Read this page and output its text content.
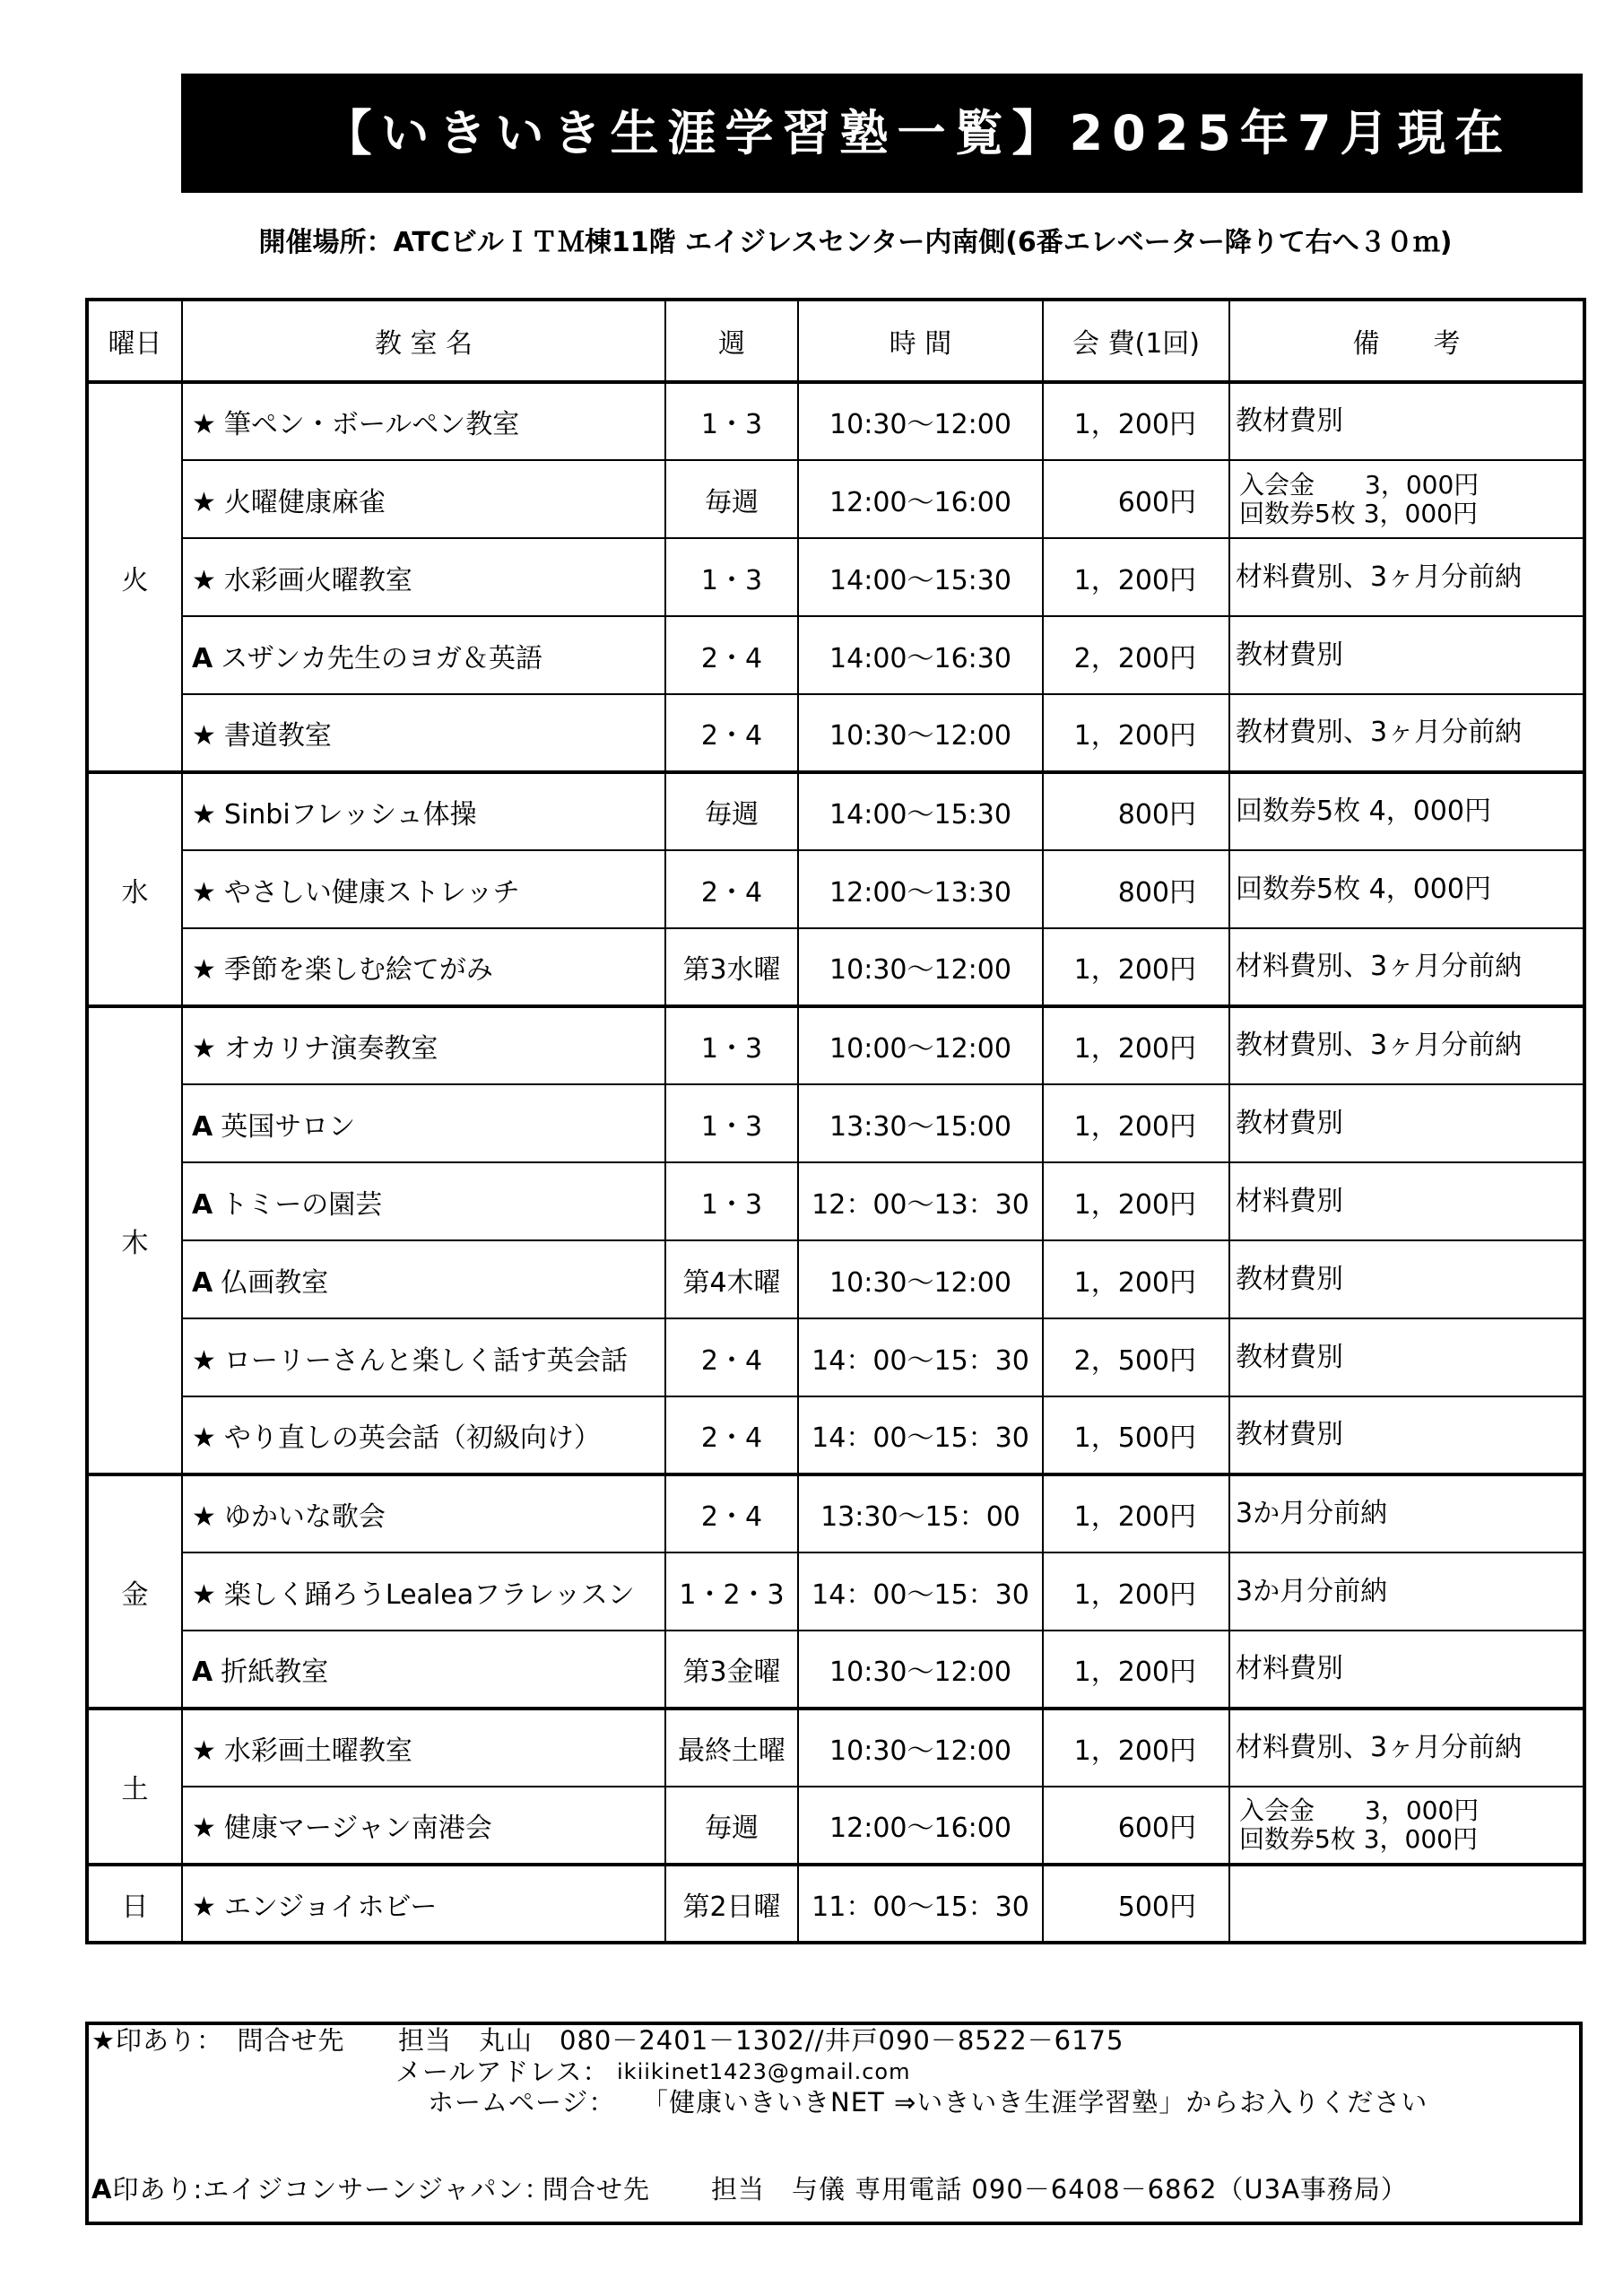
【いきいき生涯学習塾一覧】2025年7月現在
開催場所：ATCビルＩＴＭ棟11階 エイジレスセンター内南側(6番エレベーター降りて右へ３０ｍ)
曜日	教 室 名	週	時 間	会 費(1回)	備　　考
火	★ 筆ペン・ボールペン教室	1・3	10:30～12:00	1，200円	教材費別

	★ 火曜健康麻雀	毎週	12:00～16:00	600円	入会金　　3，000円
回数券5枚 3，000円

	★ 水彩画火曜教室	1・3	14:00～15:30	1，200円	材料費別、3ヶ月分前納

	A スザンカ先生のヨガ＆英語	2・4	14:00～16:30	2，200円	教材費別

	★ 書道教室	2・4	10:30～12:00	1，200円	教材費別、3ヶ月分前納

水	★ Sinbiフレッシュ体操	毎週	14:00～15:30	800円	回数券5枚 4，000円

	★ やさしい健康ストレッチ	2・4	12:00～13:30	800円	回数券5枚 4，000円

	★ 季節を楽しむ絵てがみ	第3水曜	10:30～12:00	1，200円	材料費別、3ヶ月分前納

木	★ オカリナ演奏教室	1・3	10:00～12:00	1，200円	教材費別、3ヶ月分前納

	A 英国サロン	1・3	13:30～15:00	1，200円	教材費別

	A トミーの園芸	1・3	12：00～13：30	1，200円	材料費別

	A 仏画教室	第4木曜	10:30～12:00	1，200円	教材費別

	★ ローリーさんと楽しく話す英会話	2・4	14：00～15：30	2，500円	教材費別

	★ やり直しの英会話（初級向け）	2・4	14：00～15：30	1，500円	教材費別

金	★ ゆかいな歌会	2・4	13:30～15：00	1，200円	3か月分前納

	★ 楽しく踊ろうLealeaフラレッスン	1・2・3	14：00～15：30	1，200円	3か月分前納

	A 折紙教室	第3金曜	10:30～12:00	1，200円	材料費別

土	★ 水彩画土曜教室	最終土曜	10:30～12:00	1，200円	材料費別、3ヶ月分前納

	★ 健康マージャン南港会	毎週	12:00～16:00	600円	入会金　　3，000円
回数券5枚 3，000円

日	★ エンジョイホビー	第2日曜	11：00～15：30	500円	
★印あり：　問合せ先 担当　丸山　080－2401－1302//井戸090－8522－6175
メールアドレス： ikiikinet1423@gmail.com
ホームページ： 「健康いきいきNET ⇒いきいき生涯学習塾」からお入りください
A印あり:エイジコンサーンジャパン：
問合せ先 担当　与儀 専用電話 090－6408－6862（U3A事務局）
